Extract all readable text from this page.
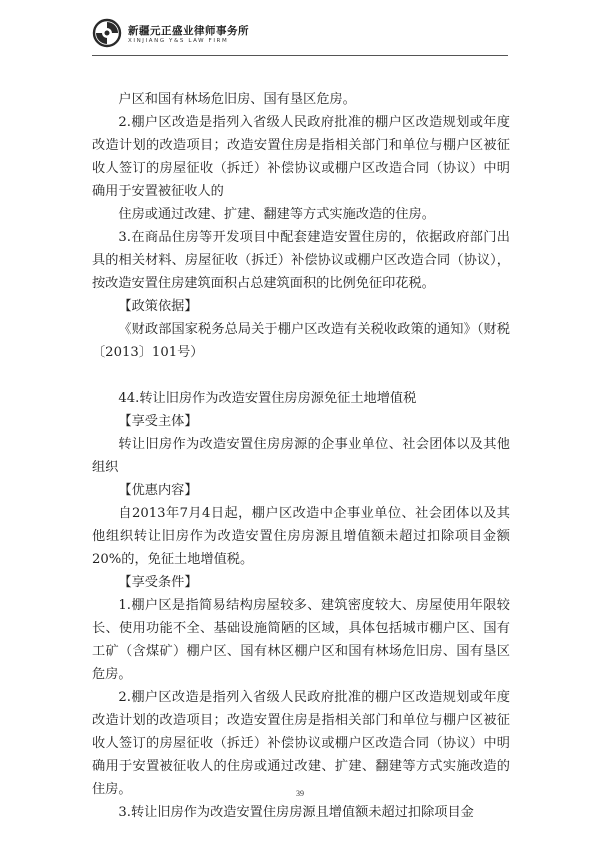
新疆元正盛业律师事务所
XINJIANG Y&S LAW FIRM

户区和国有林场危旧房、国有垦区危房。

2.棚户区改造是指列入省级人民政府批准的棚户区改造规划或年度改造计划的改造项目；改造安置住房是指相关部门和单位与棚户区被征收人签订的房屋征收（拆迁）补偿协议或棚户区改造合同（协议）中明确用于安置被征收人的

住房或通过改建、扩建、翻建等方式实施改造的住房。

3.在商品住房等开发项目中配套建造安置住房的，依据政府部门出具的相关材料、房屋征收（拆迁）补偿协议或棚户区改造合同（协议），按改造安置住房建筑面积占总建筑面积的比例免征印花税。

【政策依据】

《财政部国家税务总局关于棚户区改造有关税收政策的通知》（财税〔2013〕101号）

44.转让旧房作为改造安置住房房源免征土地增值税

【享受主体】

转让旧房作为改造安置住房房源的企事业单位、社会团体以及其他组织

【优惠内容】

自2013年7月4日起，棚户区改造中企事业单位、社会团体以及其他组织转让旧房作为改造安置住房房源且增值额未超过扣除项目金额20%的，免征土地增值税。

【享受条件】

1.棚户区是指简易结构房屋较多、建筑密度较大、房屋使用年限较长、使用功能不全、基础设施简陋的区域，具体包括城市棚户区、国有工矿（含煤矿）棚户区、国有林区棚户区和国有林场危旧房、国有垦区危房。

2.棚户区改造是指列入省级人民政府批准的棚户区改造规划或年度改造计划的改造项目；改造安置住房是指相关部门和单位与棚户区被征收人签订的房屋征收（拆迁）补偿协议或棚户区改造合同（协议）中明确用于安置被征收人的住房或通过改建、扩建、翻建等方式实施改造的住房。

3.转让旧房作为改造安置住房房源且增值额未超过扣除项目金

39
